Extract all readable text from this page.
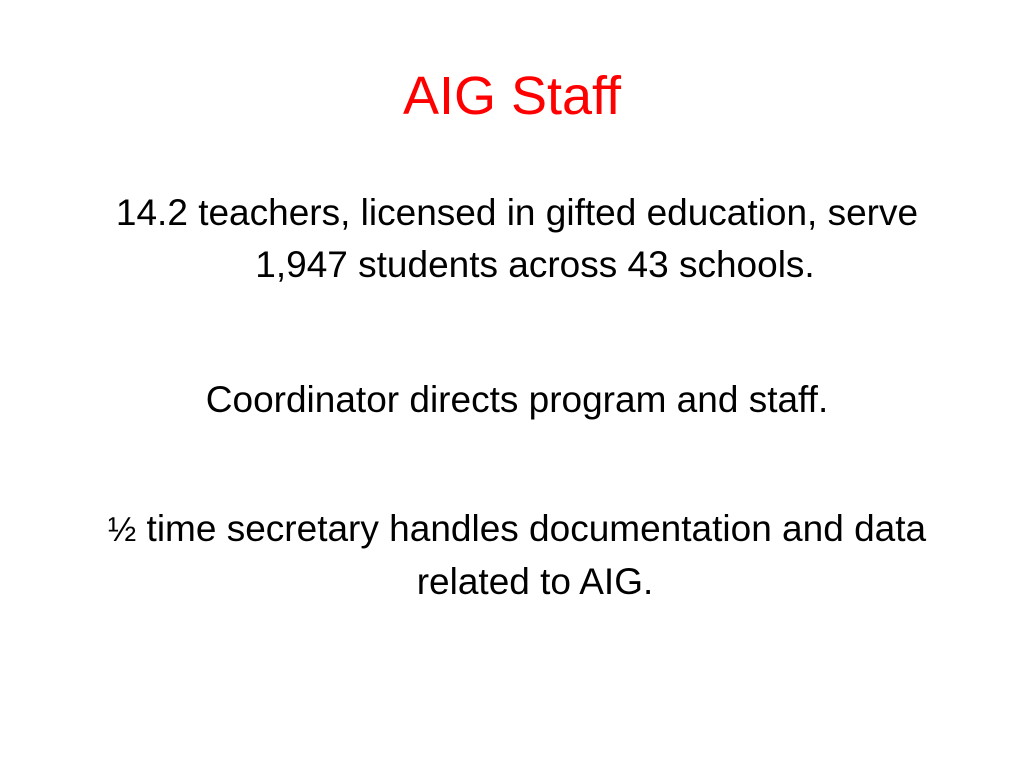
AIG Staff

14.2 teachers, licensed in gifted education, serve 1,947 students across 43 schools.

Coordinator directs program and staff.

½ time secretary handles documentation and data related to AIG.
